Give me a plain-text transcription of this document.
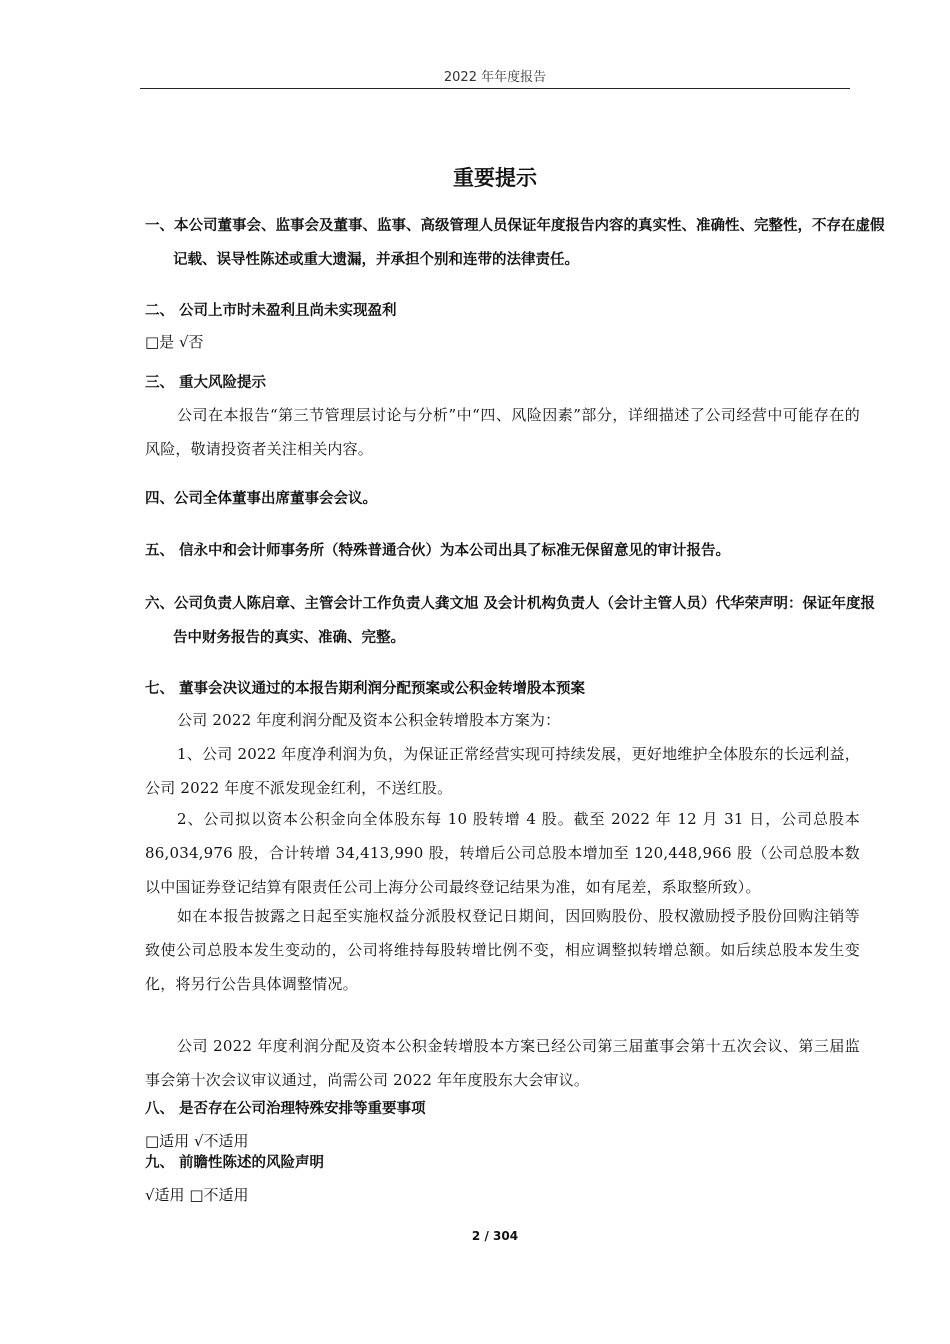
2022 年年度报告
重要提示

一、本公司董事会、监事会及董事、监事、高级管理人员保证年度报告内容的真实性、准确性、完整性，不存在虚假记载、误导性陈述或重大遗漏，并承担个别和连带的法律责任。

二、 公司上市时未盈利且尚未实现盈利

□是 √否

三、 重大风险提示

公司在本报告“第三节管理层讨论与分析”中“四、风险因素”部分，详细描述了公司经营中可能存在的风险，敬请投资者关注相关内容。

四、公司全体董事出席董事会会议。

五、 信永中和会计师事务所（特殊普通合伙）为本公司出具了标准无保留意见的审计报告。

六、公司负责人陈启章、主管会计工作负责人龚文旭 及会计机构负责人（会计主管人员）代华荣声明：保证年度报告中财务报告的真实、准确、完整。

七、 董事会决议通过的本报告期利润分配预案或公积金转增股本预案

公司 2022 年度利润分配及资本公积金转增股本方案为：

1、公司 2022 年度净利润为负，为保证正常经营实现可持续发展，更好地维护全体股东的长远利益，公司 2022 年度不派发现金红利，不送红股。

2、公司拟以资本公积金向全体股东每 10 股转增 4 股。截至 2022 年 12 月 31 日，公司总股本 86,034,976 股，合计转增 34,413,990 股，转增后公司总股本增加至 120,448,966 股（公司总股本数以中国证券登记结算有限责任公司上海分公司最终登记结果为准，如有尾差，系取整所致）。

如在本报告披露之日起至实施权益分派股权登记日期间，因回购股份、股权激励授予股份回购注销等致使公司总股本发生变动的，公司将维持每股转增比例不变，相应调整拟转增总额。如后续总股本发生变化，将另行公告具体调整情况。

公司 2022 年度利润分配及资本公积金转增股本方案已经公司第三届董事会第十五次会议、第三届监事会第十次会议审议通过，尚需公司 2022 年年度股东大会审议。

八、 是否存在公司治理特殊安排等重要事项

□适用 √不适用

九、 前瞻性陈述的风险声明

√适用 □不适用

2 / 304
